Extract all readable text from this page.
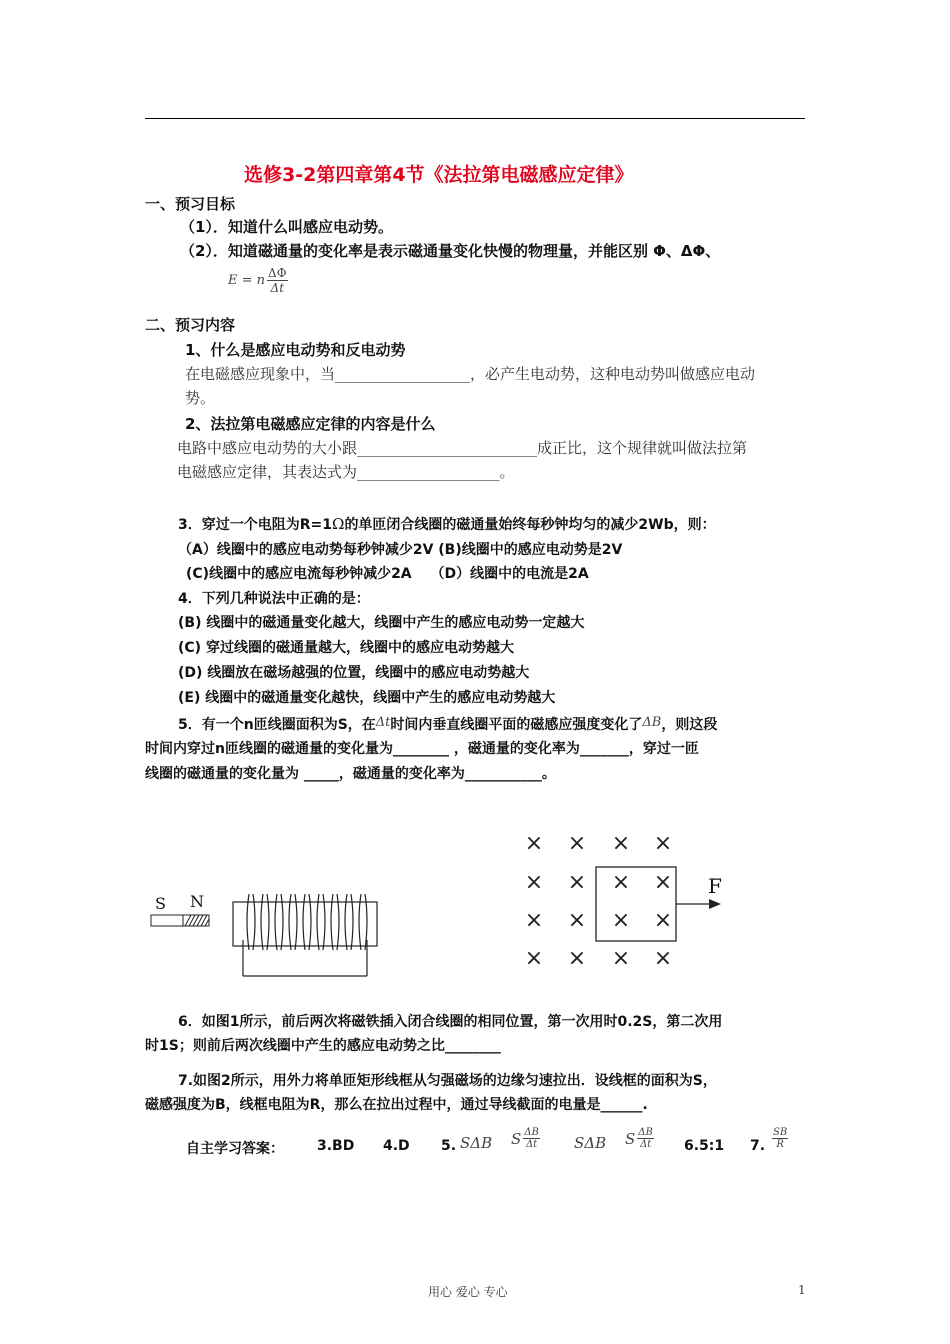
选修3-2第四章第4节《法拉第电磁感应定律》
一、预习目标
（1）．知道什么叫感应电动势。
（2）．知道磁通量的变化率是表示磁通量变化快慢的物理量，并能区别 Φ、ΔΦ、
E = n $\frac{\Delta\Phi}{\Delta t}$
二、预习内容
1、什么是感应电动势和反电动势
在电磁感应现象中，当__________________，必产生电动势，这种电动势叫做感应电动
势。
2、法拉第电磁感应定律的内容是什么
电路中感应电动势的大小跟________________________成正比，这个规律就叫做法拉第
电磁感应定律，其表达式为___________________。
3．穿过一个电阻为R=1Ω的单匝闭合线圈的磁通量始终每秒钟均匀的减少2Wb，则：
（A）线圈中的感应电动势每秒钟减少2V (B)线圈中的感应电动势是2V
(C)线圈中的感应电流每秒钟减少2A　 （D）线圈中的电流是2A
4．下列几种说法中正确的是：
(B) 线圈中的磁通量变化越大，线圈中产生的感应电动势一定越大
(C) 穿过线圈的磁通量越大，线圈中的感应电动势越大
(D) 线圈放在磁场越强的位置，线圈中的感应电动势越大
(E) 线圈中的磁通量变化越快，线圈中产生的感应电动势越大
5．有一个n匝线圈面积为S，在Δt时间内垂直线圈平面的磁感应强度变化了ΔB，则这段
时间内穿过n匝线圈的磁通量的变化量为________ ，磁通量的变化率为_______，穿过一匝
线圈的磁通量的变化量为 _____，磁通量的变化率为___________。
S N
× × × ×
× × × ×
× × × ×
× × × ×
F
6．如图1所示，前后两次将磁铁插入闭合线圈的相同位置，第一次用时0.2S，第二次用
时1S；则前后两次线圈中产生的感应电动势之比________
7.如图2所示，用外力将单匝矩形线框从匀强磁场的边缘匀速拉出．设线框的面积为S，
磁感强度为B，线框电阻为R，那么在拉出过程中，通过导线截面的电量是______.
自主学习答案： 3.BD 4.D 5. SΔB S $\frac{\Delta B}{\Delta t}$ SΔB S $\frac{\Delta B}{\Delta t}$ 6.5:1 7. $\frac{SB}{R}$
用心 爱心 专心	1
